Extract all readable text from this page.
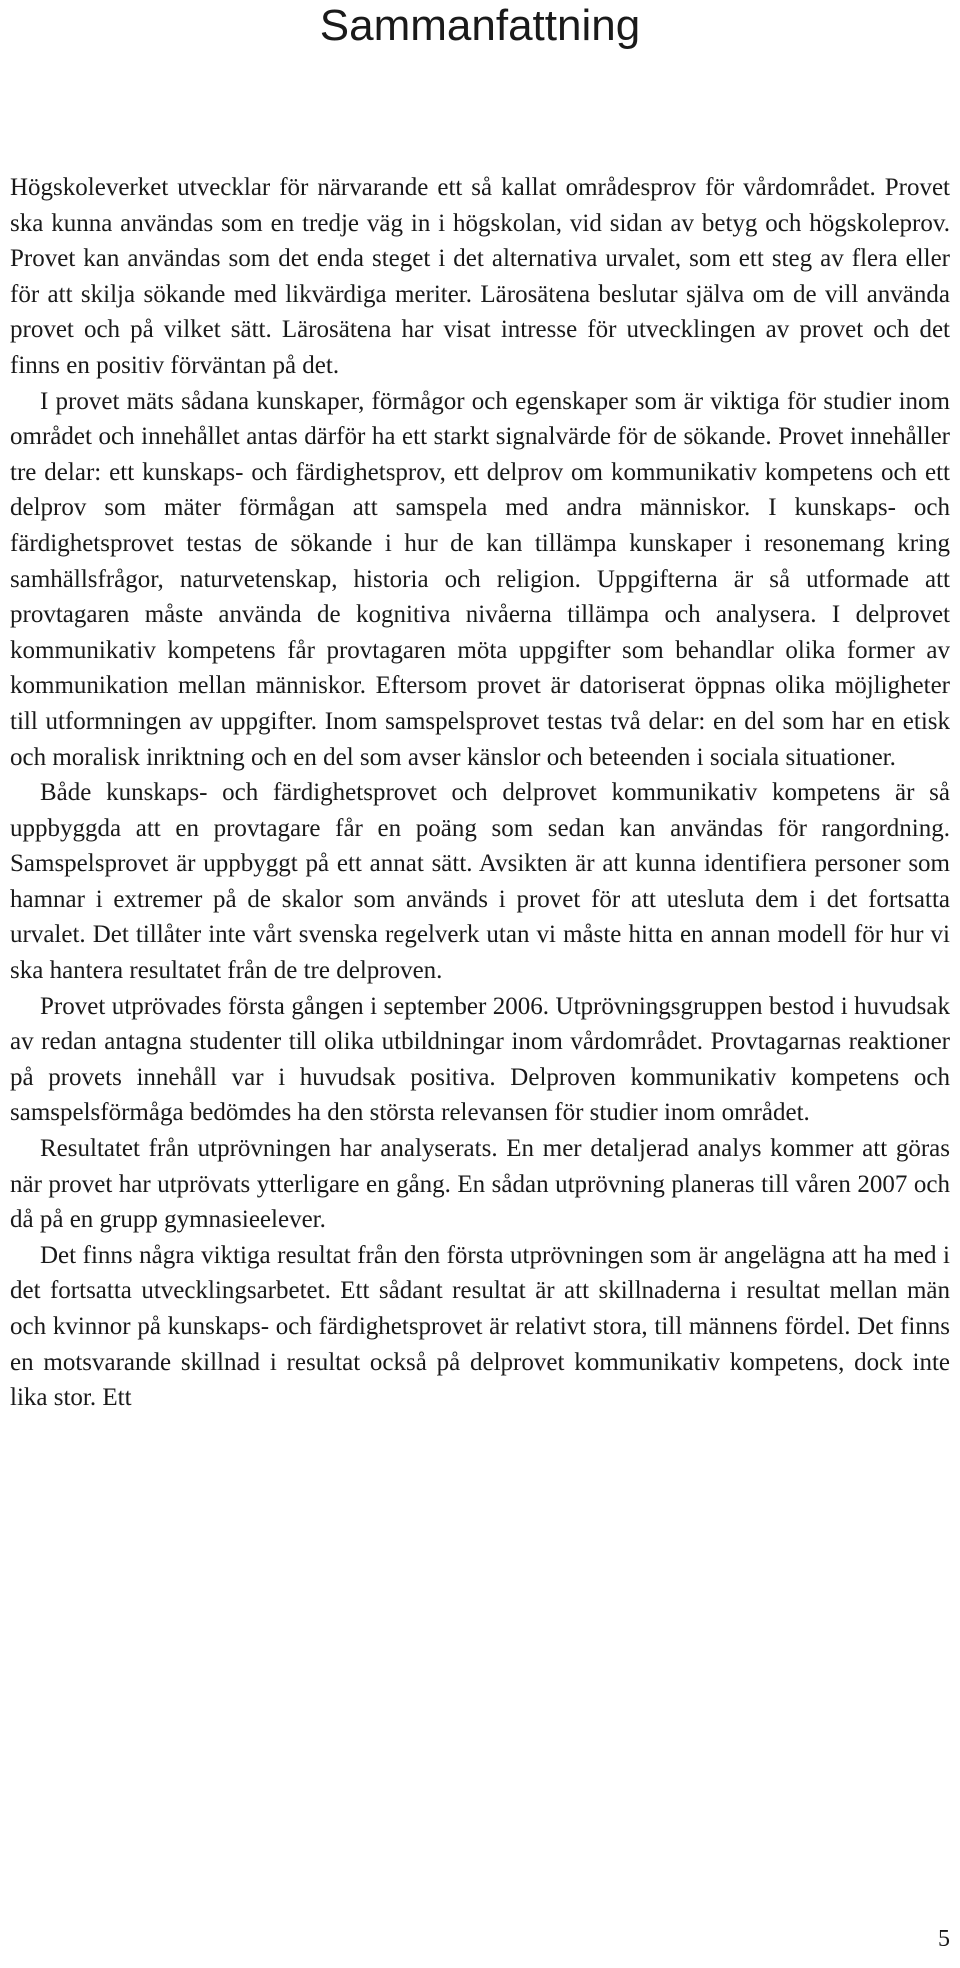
Sammanfattning

Högskoleverket utvecklar för närvarande ett så kallat områdesprov för vårdområdet. Provet ska kunna användas som en tredje väg in i högskolan, vid sidan av betyg och högskoleprov. Provet kan användas som det enda steget i det alternativa urvalet, som ett steg av flera eller för att skilja sökande med likvärdiga meriter. Lärosätena beslutar själva om de vill använda provet och på vilket sätt. Lärosätena har visat intresse för utvecklingen av provet och det finns en positiv förväntan på det.

I provet mäts sådana kunskaper, förmågor och egenskaper som är viktiga för studier inom området och innehållet antas därför ha ett starkt signalvärde för de sökande. Provet innehåller tre delar: ett kunskaps- och färdighetsprov, ett delprov om kommunikativ kompetens och ett delprov som mäter förmågan att samspela med andra människor. I kunskaps- och färdighetsprovet testas de sökande i hur de kan tillämpa kunskaper i resonemang kring samhällsfrågor, naturvetenskap, historia och religion. Uppgifterna är så utformade att provtagaren måste använda de kognitiva nivåerna tillämpa och analysera. I delprovet kommunikativ kompetens får provtagaren möta uppgifter som behandlar olika former av kommunikation mellan människor. Eftersom provet är datoriserat öppnas olika möjligheter till utformningen av uppgifter. Inom samspelsprovet testas två delar: en del som har en etisk och moralisk inriktning och en del som avser känslor och beteenden i sociala situationer.

Både kunskaps- och färdighetsprovet och delprovet kommunikativ kompetens är så uppbyggda att en provtagare får en poäng som sedan kan användas för rangordning. Samspelsprovet är uppbyggt på ett annat sätt. Avsikten är att kunna identifiera personer som hamnar i extremer på de skalor som används i provet för att utesluta dem i det fortsatta urvalet. Det tillåter inte vårt svenska regelverk utan vi måste hitta en annan modell för hur vi ska hantera resultatet från de tre delproven.

Provet utprövades första gången i september 2006. Utprövningsgruppen bestod i huvudsak av redan antagna studenter till olika utbildningar inom vårdområdet. Provtagarnas reaktioner på provets innehåll var i huvudsak positiva. Delproven kommunikativ kompetens och samspelsförmåga bedömdes ha den största relevansen för studier inom området.

Resultatet från utprövningen har analyserats. En mer detaljerad analys kommer att göras när provet har utprövats ytterligare en gång. En sådan utprövning planeras till våren 2007 och då på en grupp gymnasieelever.

Det finns några viktiga resultat från den första utprövningen som är angelägna att ha med i det fortsatta utvecklingsarbetet. Ett sådant resultat är att skillnaderna i resultat mellan män och kvinnor på kunskaps- och färdighetsprovet är relativt stora, till männens fördel. Det finns en motsvarande skillnad i resultat också på delprovet kommunikativ kompetens, dock inte lika stor. Ett

5
